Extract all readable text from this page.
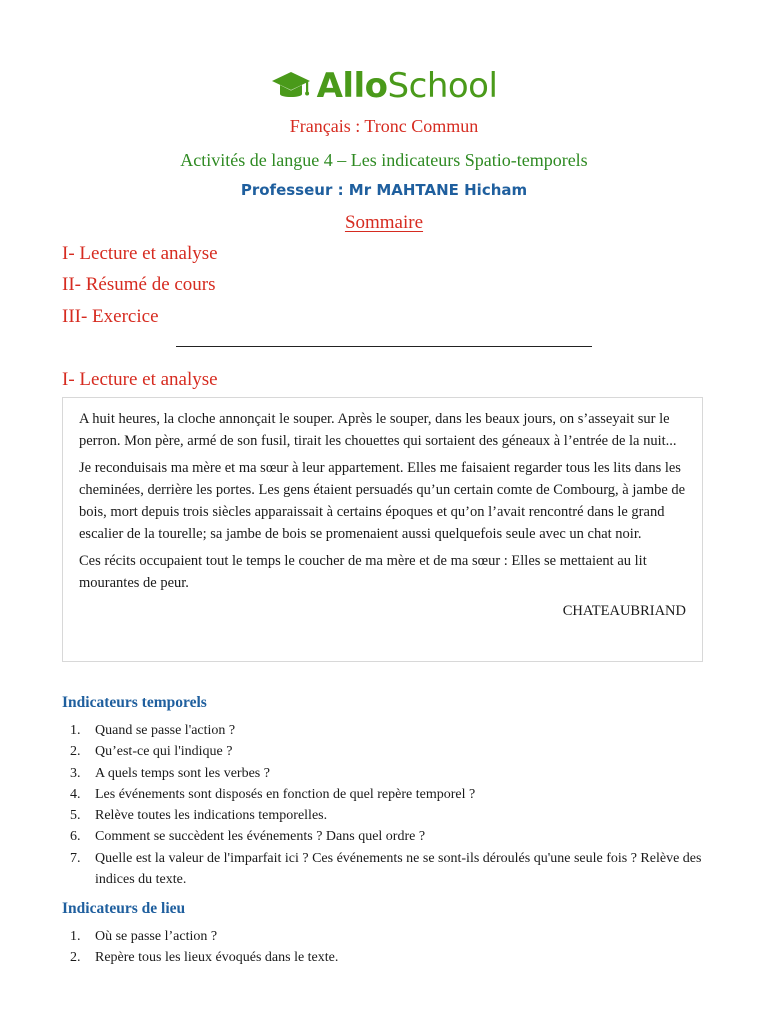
AlloSchool
Français : Tronc Commun
Activités de langue 4 – Les indicateurs Spatio-temporels
Professeur : Mr MAHTANE Hicham
Sommaire
I- Lecture et analyse
II- Résumé de cours
III- Exercice
I- Lecture et analyse

A huit heures, la cloche annonçait le souper. Après le souper, dans les beaux jours, on s’asseyait sur le perron. Mon père, armé de son fusil, tirait les chouettes qui sortaient des géneaux à l’entrée de la nuit...

Je reconduisais ma mère et ma sœur à leur appartement. Elles me faisaient regarder tous les lits dans les cheminées, derrière les portes. Les gens étaient persuadés qu’un certain comte de Combourg, à jambe de bois, mort depuis trois siècles apparaissait à certains époques et qu’on l’avait rencontré dans le grand escalier de la tourelle; sa jambe de bois se promenaient aussi quelquefois seule avec un chat noir.

Ces récits occupaient tout le temps le coucher de ma mère et de ma sœur : Elles se mettaient au lit mourantes de peur.

CHATEAUBRIAND

Indicateurs temporels
1. Quand se passe l'action ?
2. Qu’est-ce qui l'indique ?
3. A quels temps sont les verbes ?
4. Les événements sont disposés en fonction de quel repère temporel ?
5. Relève toutes les indications temporelles.
6. Comment se succèdent les événements ? Dans quel ordre ?
7. Quelle est la valeur de l'imparfait ici ? Ces événements ne se sont-ils déroulés qu'une seule fois ? Relève des indices du texte.
Indicateurs de lieu
1. Où se passe l’action ?
2. Repère tous les lieux évoqués dans le texte.
